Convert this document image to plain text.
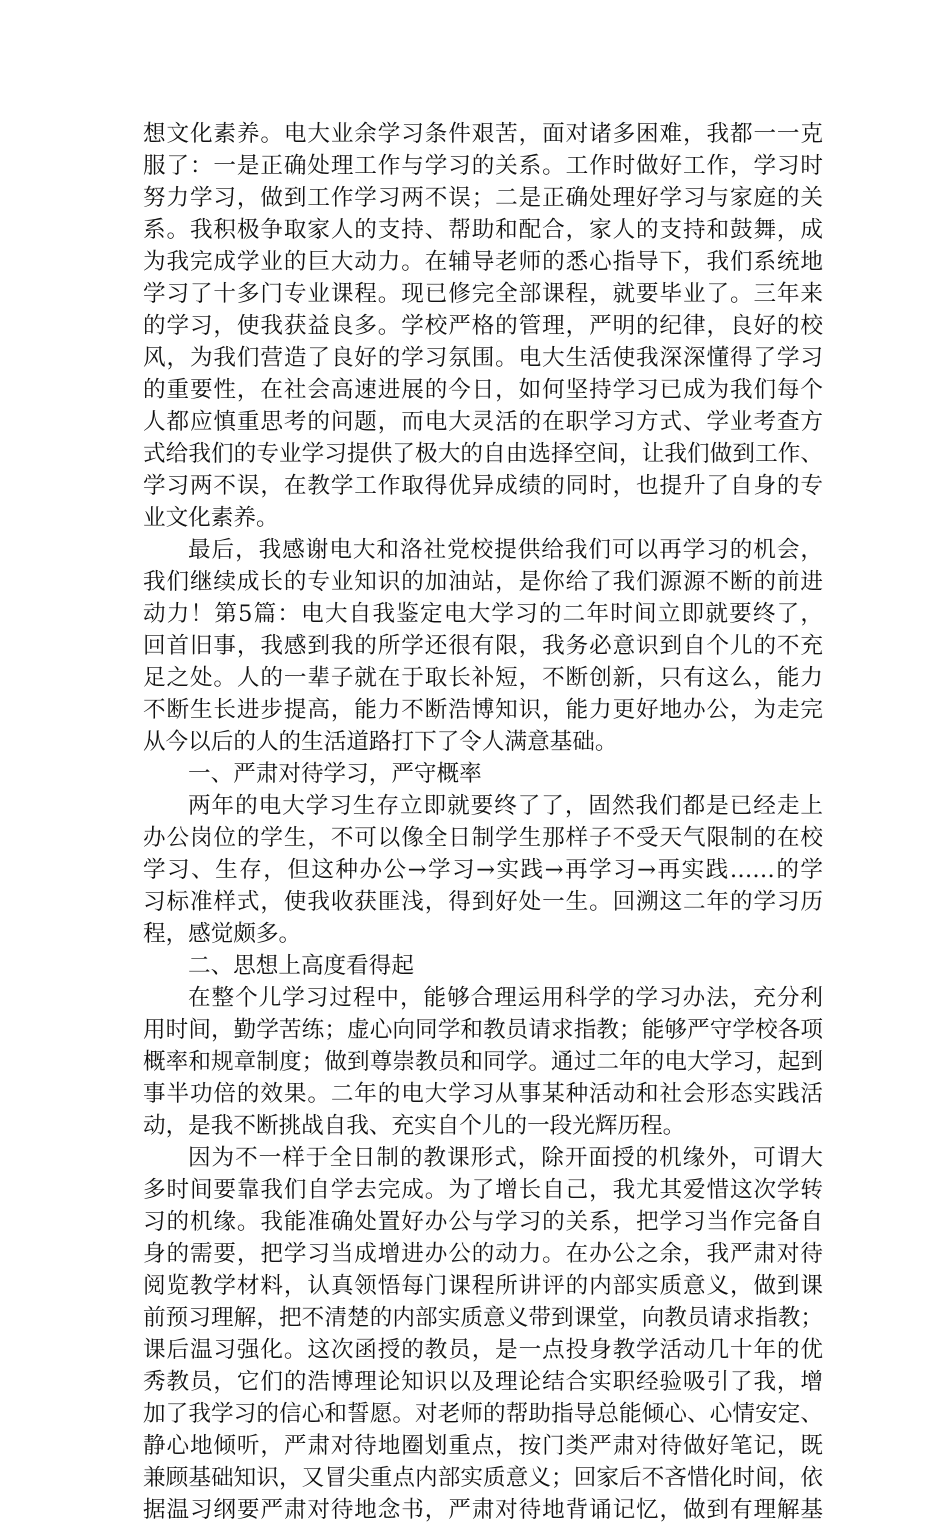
想文化素养。电大业余学习条件艰苦，面对诸多困难，我都一一克
服了：一是正确处理工作与学习的关系。工作时做好工作，学习时
努力学习，做到工作学习两不误；二是正确处理好学习与家庭的关
系。我积极争取家人的支持、帮助和配合，家人的支持和鼓舞，成
为我完成学业的巨大动力。在辅导老师的悉心指导下，我们系统地
学习了十多门专业课程。现已修完全部课程，就要毕业了。三年来
的学习，使我获益良多。学校严格的管理，严明的纪律，良好的校
风，为我们营造了良好的学习氛围。电大生活使我深深懂得了学习
的重要性，在社会高速进展的今日，如何坚持学习已成为我们每个
人都应慎重思考的问题，而电大灵活的在职学习方式、学业考查方
式给我们的专业学习提供了极大的自由选择空间，让我们做到工作、
学习两不误，在教学工作取得优异成绩的同时，也提升了自身的专
业文化素养。
最后，我感谢电大和洛社党校提供给我们可以再学习的机会，
我们继续成长的专业知识的加油站，是你给了我们源源不断的前进
动力！第5篇：电大自我鉴定电大学习的二年时间立即就要终了，
回首旧事，我感到我的所学还很有限，我务必意识到自个儿的不充
足之处。人的一辈子就在于取长补短，不断创新，只有这么，能力
不断生长进步提高，能力不断浩博知识，能力更好地办公，为走完
从今以后的人的生活道路打下了令人满意基础。
一、严肃对待学习，严守概率
两年的电大学习生存立即就要终了了，固然我们都是已经走上
办公岗位的学生，不可以像全日制学生那样子不受天气限制的在校
学习、生存，但这种办公→学习→实践→再学习→再实践……的学
习标准样式，使我收获匪浅，得到好处一生。回溯这二年的学习历
程，感觉颇多。
二、思想上高度看得起
在整个儿学习过程中，能够合理运用科学的学习办法，充分利
用时间，勤学苦练；虚心向同学和教员请求指教；能够严守学校各项
概率和规章制度；做到尊崇教员和同学。通过二年的电大学习，起到
事半功倍的效果。二年的电大学习从事某种活动和社会形态实践活
动，是我不断挑战自我、充实自个儿的一段光辉历程。
因为不一样于全日制的教课形式，除开面授的机缘外，可谓大
多时间要靠我们自学去完成。为了增长自己，我尤其爱惜这次学转
习的机缘。我能准确处置好办公与学习的关系，把学习当作完备自
身的需要，把学习当成增进办公的动力。在办公之余，我严肃对待
阅览教学材料，认真领悟每门课程所讲评的内部实质意义，做到课
前预习理解，把不清楚的内部实质意义带到课堂，向教员请求指教；
课后温习强化。这次函授的教员，是一点投身教学活动几十年的优
秀教员，它们的浩博理论知识以及理论结合实职经验吸引了我，增
加了我学习的信心和誓愿。对老师的帮助指导总能倾心、心情安定、
静心地倾听，严肃对待地圈划重点，按门类严肃对待做好笔记，既
兼顾基础知识，又冒尖重点内部实质意义；回家后不吝惜化时间，依
据温习纲要严肃对待地念书，严肃对待地背诵记忆，做到有理解基
